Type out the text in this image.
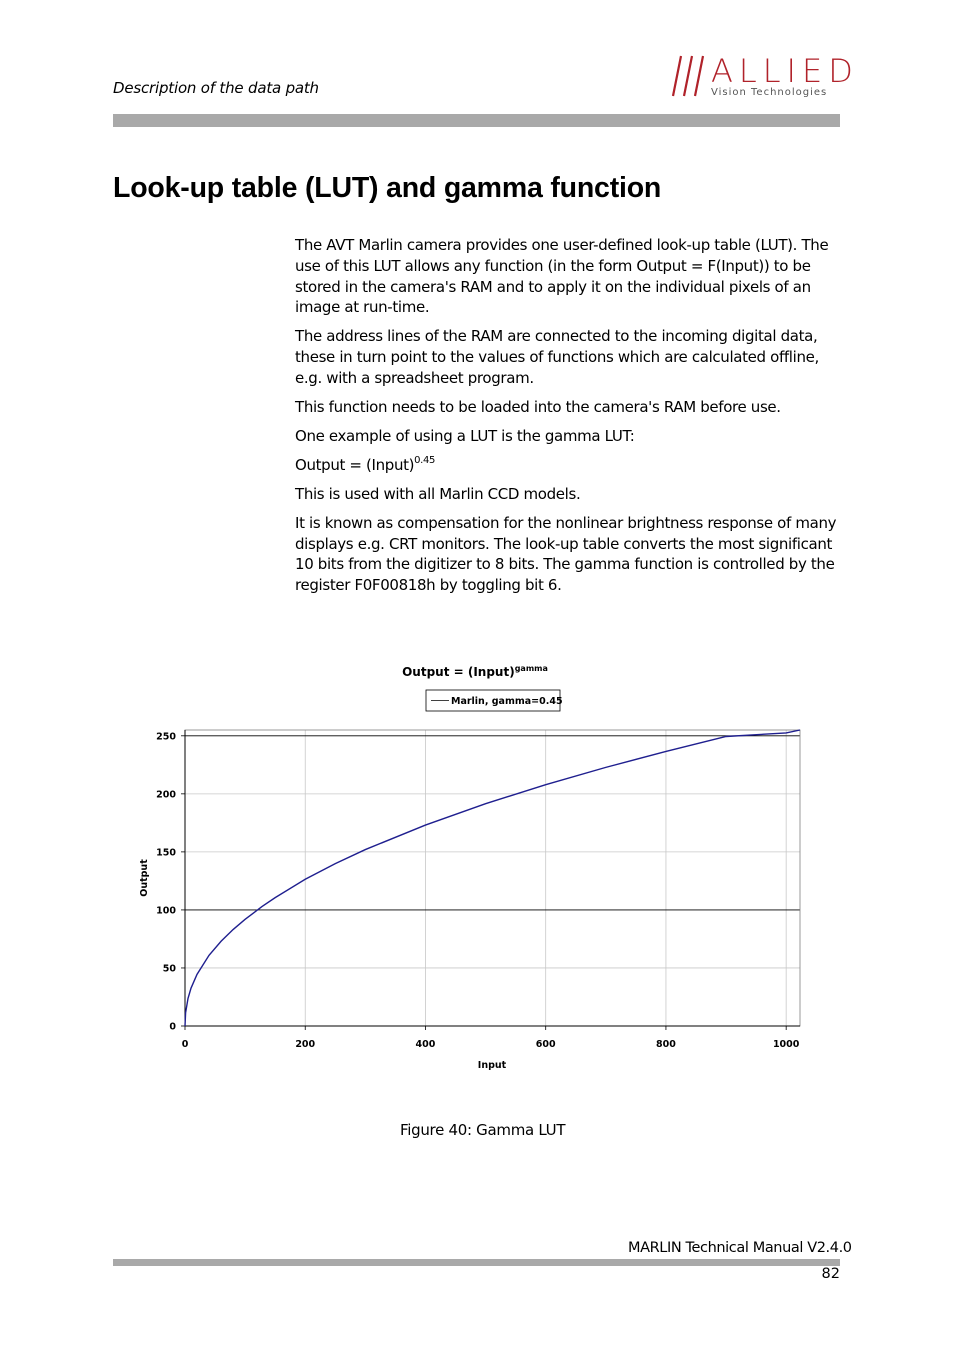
Description of the data path	ALLIED
Vision Technologies
Look-up table (LUT) and gamma function

The AVT Marlin camera provides one user-defined look-up table (LUT). The use of this LUT allows any function (in the form Output = F(Input)) to be stored in the camera's RAM and to apply it on the individual pixels of an image at run-time.

The address lines of the RAM are connected to the incoming digital data, these in turn point to the values of functions which are calculated offline, e.g. with a spreadsheet program.

This function needs to be loaded into the camera's RAM before use.

One example of using a LUT is the gamma LUT:

Output = (Input)$^{0.45}$

This is used with all Marlin CCD models.

It is known as compensation for the nonlinear brightness response of many displays e.g. CRT monitors. The look-up table converts the most significant 10 bits from the digitizer to 8 bits. The gamma function is controlled by the register F0F00818h by toggling bit 6.

Output = (Input)$^{gamma}$
Marlin, gamma=0.45
0	200	400	600	800	1000
0
50
100
150
200
250
Input
Output
Figure 40: Gamma LUT
MARLIN Technical Manual V2.4.0
82
